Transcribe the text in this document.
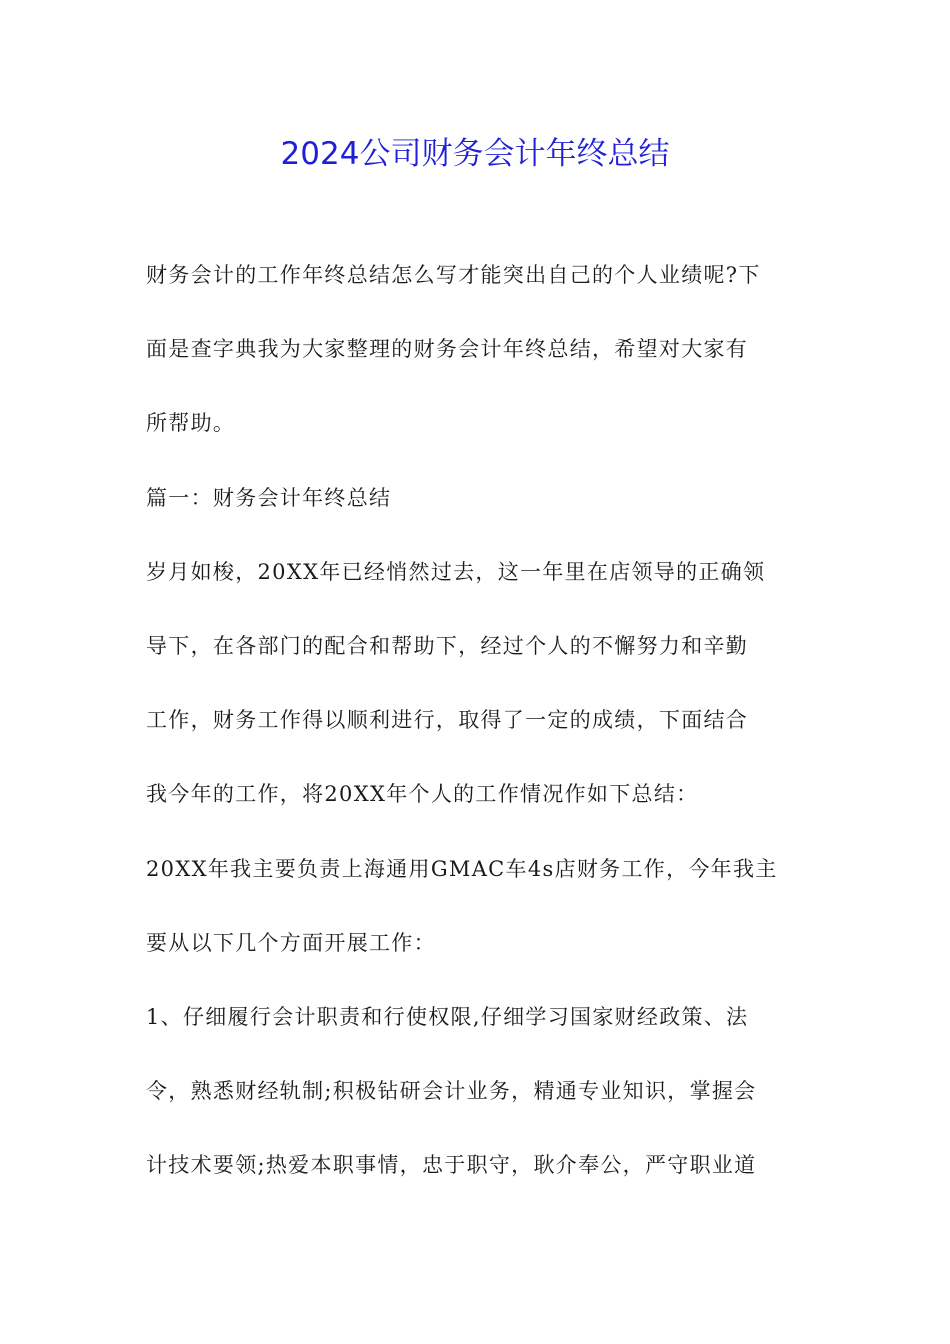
2024公司财务会计年终总结
财务会计的工作年终总结怎么写才能突出自己的个人业绩呢?下
面是查字典我为大家整理的财务会计年终总结，希望对大家有
所帮助。
篇一：财务会计年终总结
岁月如梭，20XX年已经悄然过去，这一年里在店领导的正确领
导下，在各部门的配合和帮助下，经过个人的不懈努力和辛勤
工作，财务工作得以顺利进行，取得了一定的成绩，下面结合
我今年的工作，将20XX年个人的工作情况作如下总结：
20XX年我主要负责上海通用GMAC车4s店财务工作，今年我主
要从以下几个方面开展工作：
1、仔细履行会计职责和行使权限,仔细学习国家财经政策、法
令，熟悉财经轨制;积极钻研会计业务，精通专业知识，掌握会
计技术要领;热爱本职事情，忠于职守，耿介奉公，严守职业道
